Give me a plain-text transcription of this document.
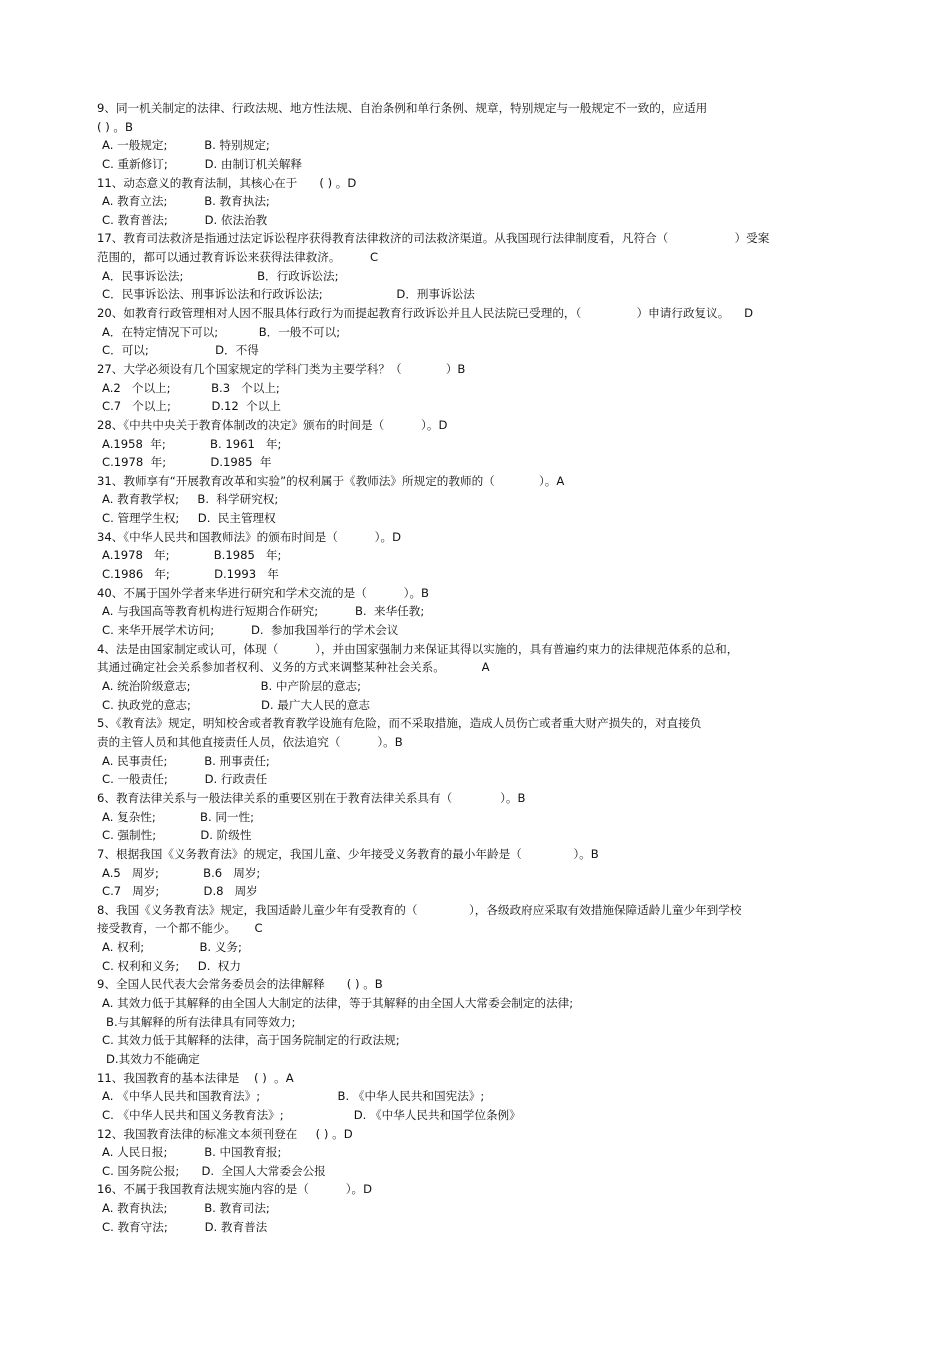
9、同一机关制定的法律、行政法规、地方性法规、自治条例和单行条例、规章，特别规定与一般规定不一致的，应适用
( ) 。B
A. 一般规定;          B. 特别规定;
C. 重新修订;          D. 由制订机关解释
11、动态意义的教育法制，其核心在于      ( ) 。D
A. 教育立法;          B. 教育执法;
C. 教育普法;          D. 依法治教
17、教育司法救济是指通过法定诉讼程序获得教育法律救济的司法救济渠道。从我国现行法律制度看，凡符合（                  ）受案
范围的，都可以通过教育诉讼来获得法律救济。        C
A．民事诉讼法;                    B．行政诉讼法;
C．民事诉讼法、刑事诉讼法和行政诉讼法;                    D．刑事诉讼法
20、如教育行政管理相对人因不服具体行政行为而提起教育行政诉讼并且人民法院已受理的，（               ）申请行政复议。    D
A．在特定情况下可以;           B．一般不可以;
C．可以;                  D．不得
27、大学必须设有几个国家规定的学科门类为主要学科？（            ）B
A.2   个以上;           B.3   个以上;
C.7   个以上;           D.12  个以上
28、《中共中央关于教育体制改的决定》颁布的时间是（          ）。D
A.1958  年;            B. 1961   年;
C.1978  年;            D.1985  年
31、教师享有“开展教育改革和实验”的权利属于《教师法》所规定的教师的（            ）。A
A. 教育教学权;     B.  科学研究权;
C. 管理学生权;     D.  民主管理权
34、《中华人民共和国教师法》的颁布时间是（          ）。D
A.1978   年;            B.1985   年;
C.1986   年;            D.1993   年
40、不属于国外学者来华进行研究和学术交流的是（          ）。B
A. 与我国高等教育机构进行短期合作研究;          B.  来华任教;
C. 来华开展学术访问;          D.  参加我国举行的学术会议
4、法是由国家制定或认可，体现（          ），并由国家强制力来保证其得以实施的，具有普遍约束力的法律规范体系的总和，
其通过确定社会关系参加者权利、义务的方式来调整某种社会关系。          A
A. 统治阶级意志;                   B. 中产阶层的意志;
C. 执政党的意志;                   D. 最广大人民的意志
5、《教育法》规定，明知校舍或者教育教学设施有危险，而不采取措施，造成人员伤亡或者重大财产损失的，对直接负
责的主管人员和其他直接责任人员，依法追究（          ）。B
A. 民事责任;          B. 刑事责任;
C. 一般责任;          D. 行政责任
6、教育法律关系与一般法律关系的重要区别在于教育法律关系具有（             ）。B
A. 复杂性;            B. 同一性;
C. 强制性;            D. 阶级性
7、根据我国《义务教育法》的规定，我国儿童、少年接受义务教育的最小年龄是（              ）。B
A.5   周岁;            B.6   周岁;
C.7   周岁;            D.8   周岁
8、我国《义务教育法》规定，我国适龄儿童少年有受教育的（              ），各级政府应采取有效措施保障适龄儿童少年到学校
接受教育，一个都不能少。     C
A. 权利;               B. 义务;
C. 权利和义务;     D.  权力
9、全国人民代表大会常务委员会的法律解释      ( ) 。B
A. 其效力低于其解释的由全国人大制定的法律，等于其解释的由全国人大常委会制定的法律;
B.与其解释的所有法律具有同等效力;
C. 其效力低于其解释的法律，高于国务院制定的行政法规;
D.其效力不能确定
11、我国教育的基本法律是    ( )  。A
A. 《中华人民共和国教育法》;                     B. 《中华人民共和国宪法》;
C. 《中华人民共和国义务教育法》;                   D. 《中华人民共和国学位条例》
12、我国教育法律的标准文本须刊登在     ( ) 。D
A. 人民日报;          B. 中国教育报;
C. 国务院公报;      D.  全国人大常委会公报
16、不属于我国教育法规实施内容的是（          ）。D
A. 教育执法;          B. 教育司法;
C. 教育守法;          D. 教育普法
